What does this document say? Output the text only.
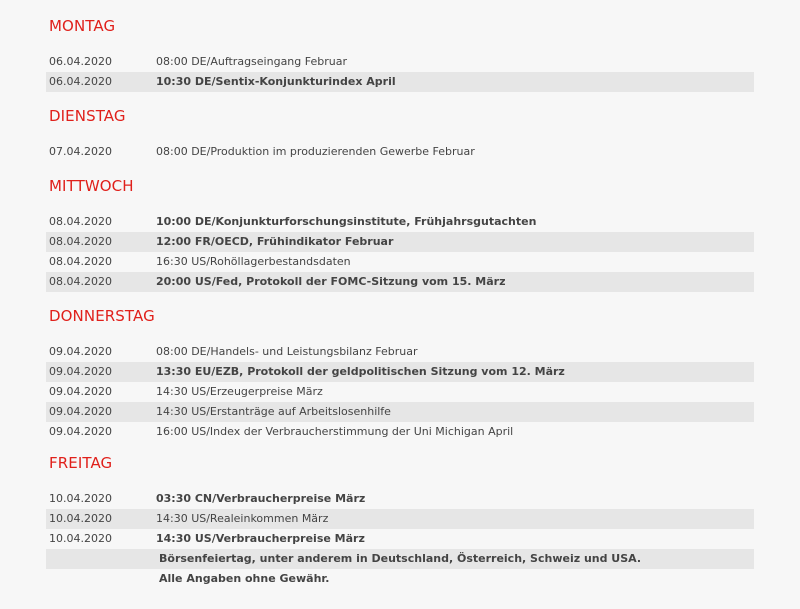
MONTAG
06.04.2020	08:00 DE/Auftragseingang Februar
06.04.2020	10:30 DE/Sentix-Konjunkturindex April
DIENSTAG
07.04.2020	08:00 DE/Produktion im produzierenden Gewerbe Februar
MITTWOCH
08.04.2020	10:00 DE/Konjunkturforschungsinstitute, Frühjahrsgutachten
08.04.2020	12:00 FR/OECD, Frühindikator Februar
08.04.2020	16:30 US/Rohöllagerbestandsdaten
08.04.2020	20:00 US/Fed, Protokoll der FOMC-Sitzung vom 15. März
DONNERSTAG
09.04.2020	08:00 DE/Handels- und Leistungsbilanz Februar
09.04.2020	13:30 EU/EZB, Protokoll der geldpolitischen Sitzung vom 12. März
09.04.2020	14:30 US/Erzeugerpreise März
09.04.2020	14:30 US/Erstanträge auf Arbeitslosenhilfe
09.04.2020	16:00 US/Index der Verbraucherstimmung der Uni Michigan April
FREITAG
10.04.2020	03:30 CN/Verbraucherpreise März
10.04.2020	14:30 US/Realeinkommen März
10.04.2020	14:30 US/Verbraucherpreise März
Börsenfeiertag, unter anderem in Deutschland, Österreich, Schweiz und USA.
Alle Angaben ohne Gewähr.
